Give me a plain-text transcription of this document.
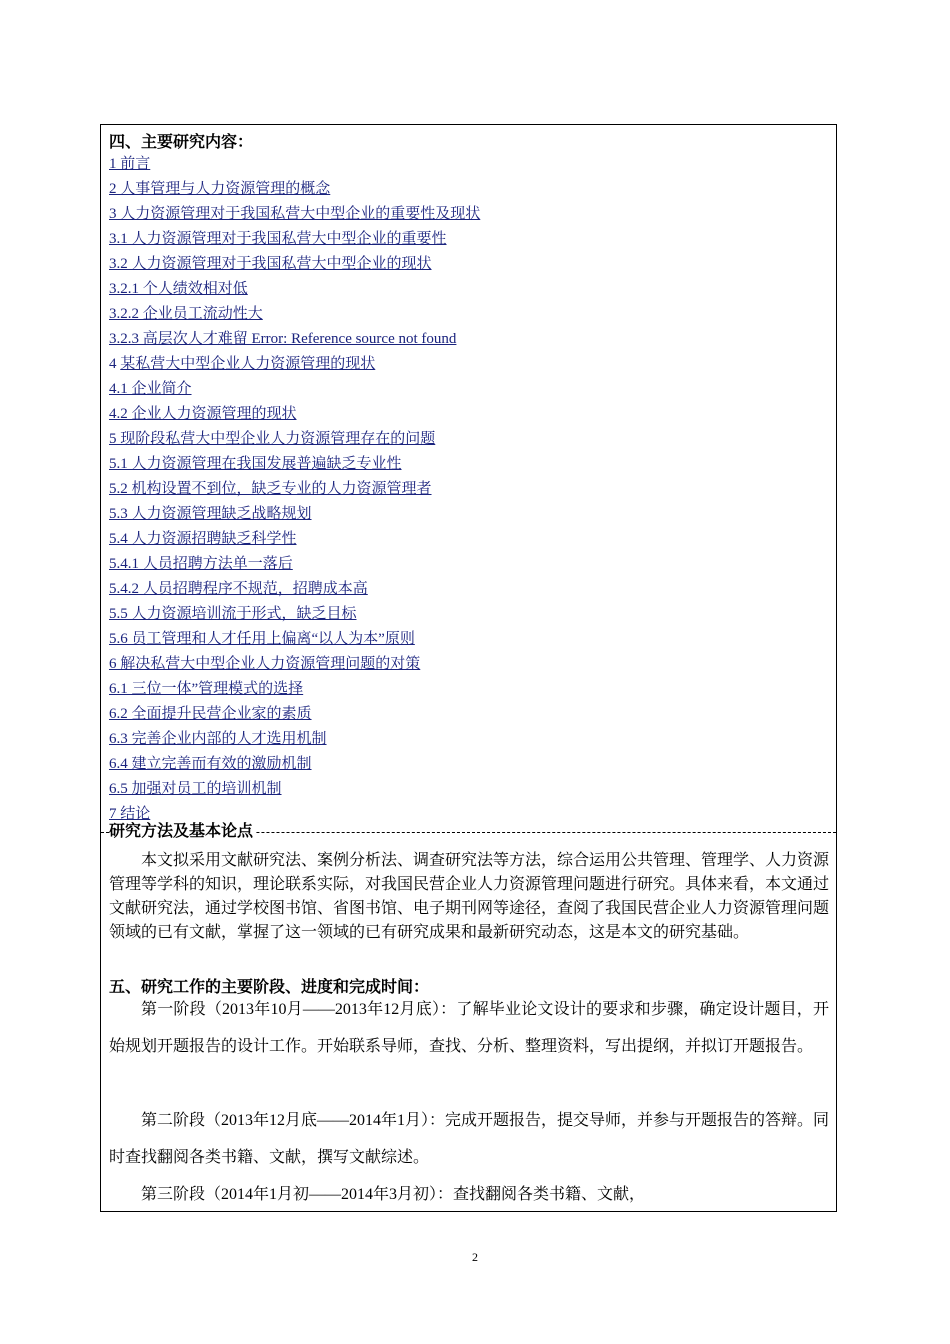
四、主要研究内容：
1 前言
2 人事管理与人力资源管理的概念
3 人力资源管理对于我国私营大中型企业的重要性及现状
3.1 人力资源管理对于我国私营大中型企业的重要性
3.2 人力资源管理对于我国私营大中型企业的现状
3.2.1 个人绩效相对低
3.2.2 企业员工流动性大
3.2.3 高层次人才难留 Error: Reference source not found
4 某私营大中型企业人力资源管理的现状
4.1 企业简介
4.2 企业人力资源管理的现状
5 现阶段私营大中型企业人力资源管理存在的问题
5.1 人力资源管理在我国发展普遍缺乏专业性
5.2 机构设置不到位，缺乏专业的人力资源管理者
5.3 人力资源管理缺乏战略规划
5.4 人力资源招聘缺乏科学性
5.4.1 人员招聘方法单一落后
5.4.2 人员招聘程序不规范，招聘成本高
5.5 人力资源培训流于形式，缺乏目标
5.6 员工管理和人才任用上偏离“以人为本”原则
6 解决私营大中型企业人力资源管理问题的对策
6.1 三位一体”管理模式的选择
6.2 全面提升民营企业家的素质
6.3 完善企业内部的人才选用机制
6.4 建立完善而有效的激励机制
6.5 加强对员工的培训机制
7 结论
研究方法及基本论点
本文拟采用文献研究法、案例分析法、调查研究法等方法，综合运用公共管理、管理学、人力资源管理等学科的知识，理论联系实际，对我国民营企业人力资源管理问题进行研究。具体来看，本文通过文献研究法，通过学校图书馆、省图书馆、电子期刊网等途径，查阅了我国民营企业人力资源管理问题领域的已有文献，掌握了这一领域的已有研究成果和最新研究动态，这是本文的研究基础。
五、研究工作的主要阶段、进度和完成时间：
第一阶段（2013年10月——2013年12月底）：了解毕业论文设计的要求和步骤，确定设计题目，开始规划开题报告的设计工作。开始联系导师，查找、分析、整理资料，写出提纲，并拟订开题报告。
第二阶段（2013年12月底——2014年1月）：完成开题报告，提交导师，并参与开题报告的答辩。同时查找翻阅各类书籍、文献，撰写文献综述。
第三阶段（2014年1月初——2014年3月初）：查找翻阅各类书籍、文献，
2
